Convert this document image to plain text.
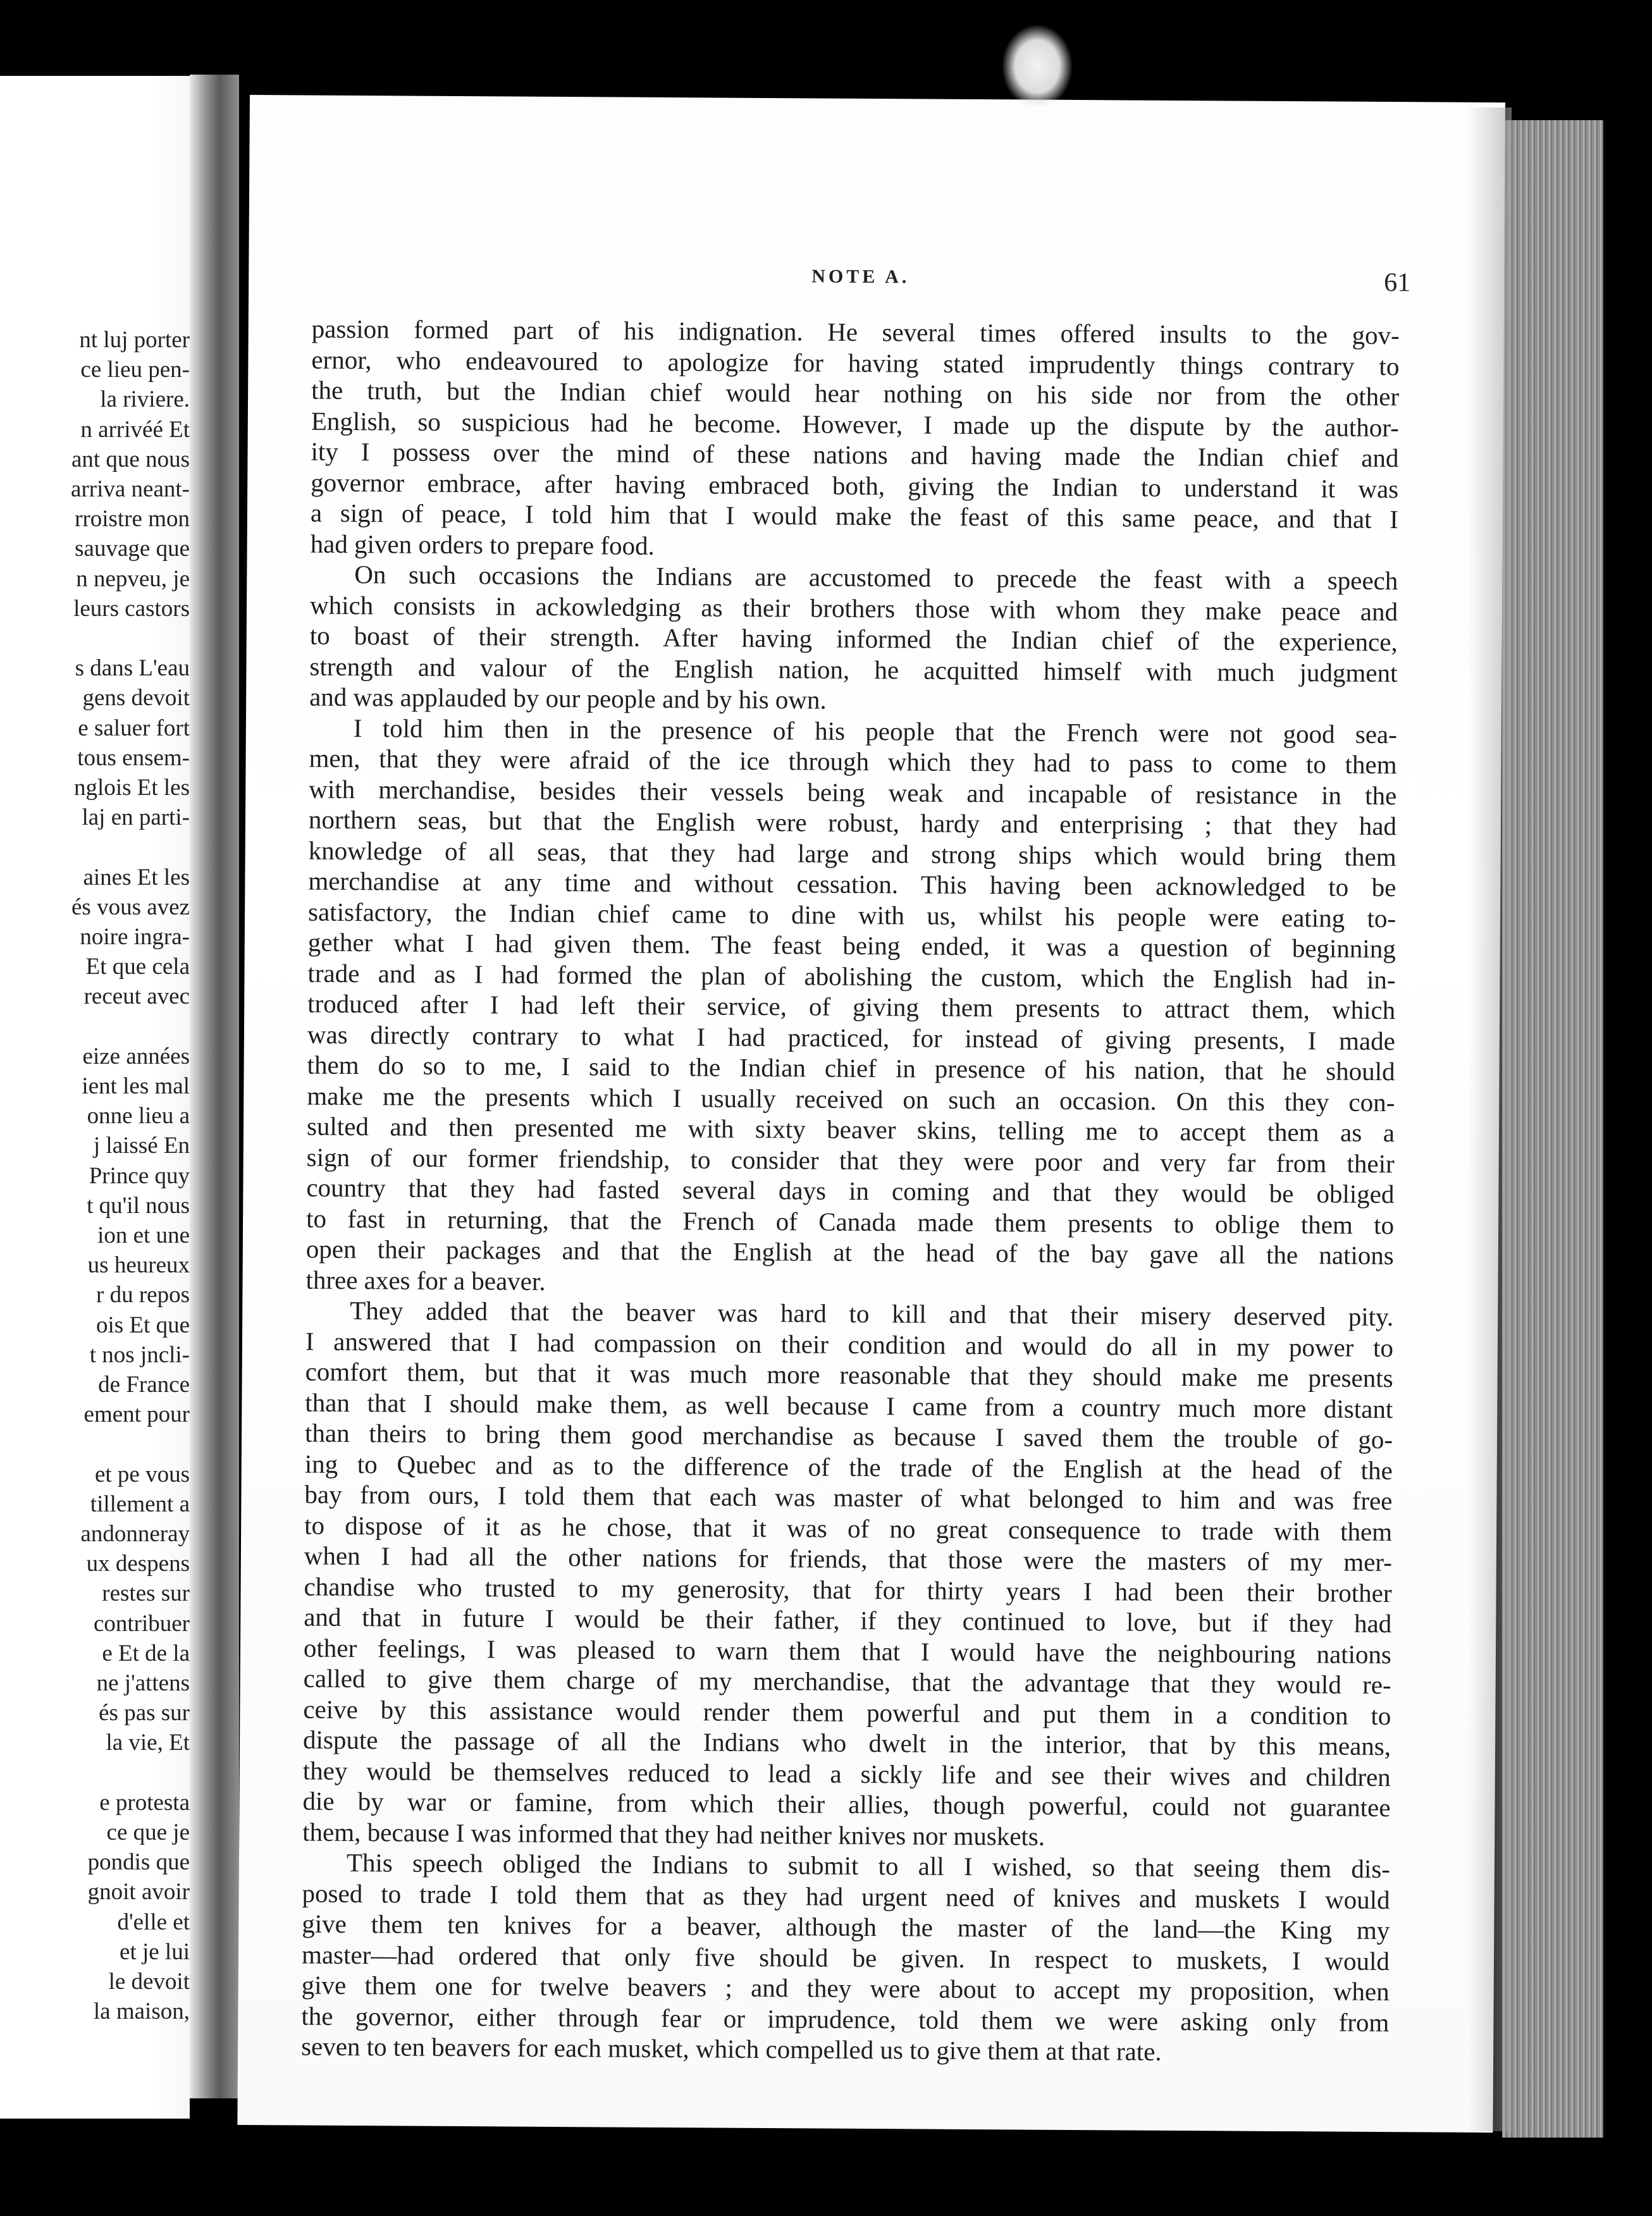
nt luj porter
ce lieu pen-
la riviere.
n arrivéé Et
ant que nous
arriva neant-
rroistre mon
sauvage que
n nepveu, je
leurs castors
s dans L'eau
gens devoit
e saluer fort
tous ensem-
nglois Et les
laj en parti-
aines Et les
és vous avez
noire ingra-
Et que cela
receut avec
eize années
ient les mal
onne lieu a
j laissé En
Prince quy
t qu'il nous
ion et une
us heureux
r du repos
ois Et que
t nos jncli-
de France
ement pour
et pe vous
tillement a
andonneray
ux despens
restes sur
contribuer
e Et de la
ne j'attens
és pas sur
la vie, Et
e protesta
ce que je
pondis que
gnoit avoir
d'elle et
et je lui
le devoit
la maison,
NOTE A.	61
passion formed part of his indignation. He several times offered insults to the gov-
ernor, who endeavoured to apologize for having stated imprudently things contrary to
the truth, but the Indian chief would hear nothing on his side nor from the other
English, so suspicious had he become. However, I made up the dispute by the author-
ity I possess over the mind of these nations and having made the Indian chief and
governor embrace, after having embraced both, giving the Indian to understand it was
a sign of peace, I told him that I would make the feast of this same peace, and that I
had given orders to prepare food.
On such occasions the Indians are accustomed to precede the feast with a speech
which consists in ackowledging as their brothers those with whom they make peace and
to boast of their strength. After having informed the Indian chief of the experience,
strength and valour of the English nation, he acquitted himself with much judgment
and was applauded by our people and by his own.
I told him then in the presence of his people that the French were not good sea-
men, that they were afraid of the ice through which they had to pass to come to them
with merchandise, besides their vessels being weak and incapable of resistance in the
northern seas, but that the English were robust, hardy and enterprising ; that they had
knowledge of all seas, that they had large and strong ships which would bring them
merchandise at any time and without cessation. This having been acknowledged to be
satisfactory, the Indian chief came to dine with us, whilst his people were eating to-
gether what I had given them. The feast being ended, it was a question of beginning
trade and as I had formed the plan of abolishing the custom, which the English had in-
troduced after I had left their service, of giving them presents to attract them, which
was directly contrary to what I had practiced, for instead of giving presents, I made
them do so to me, I said to the Indian chief in presence of his nation, that he should
make me the presents which I usually received on such an occasion. On this they con-
sulted and then presented me with sixty beaver skins, telling me to accept them as a
sign of our former friendship, to consider that they were poor and very far from their
country that they had fasted several days in coming and that they would be obliged
to fast in returning, that the French of Canada made them presents to oblige them to
open their packages and that the English at the head of the bay gave all the nations
three axes for a beaver.
They added that the beaver was hard to kill and that their misery deserved pity.
I answered that I had compassion on their condition and would do all in my power to
comfort them, but that it was much more reasonable that they should make me presents
than that I should make them, as well because I came from a country much more distant
than theirs to bring them good merchandise as because I saved them the trouble of go-
ing to Quebec and as to the difference of the trade of the English at the head of the
bay from ours, I told them that each was master of what belonged to him and was free
to dispose of it as he chose, that it was of no great consequence to trade with them
when I had all the other nations for friends, that those were the masters of my mer-
chandise who trusted to my generosity, that for thirty years I had been their brother
and that in future I would be their father, if they continued to love, but if they had
other feelings, I was pleased to warn them that I would have the neighbouring nations
called to give them charge of my merchandise, that the advantage that they would re-
ceive by this assistance would render them powerful and put them in a condition to
dispute the passage of all the Indians who dwelt in the interior, that by this means,
they would be themselves reduced to lead a sickly life and see their wives and children
die by war or famine, from which their allies, though powerful, could not guarantee
them, because I was informed that they had neither knives nor muskets.
This speech obliged the Indians to submit to all I wished, so that seeing them dis-
posed to trade I told them that as they had urgent need of knives and muskets I would
give them ten knives for a beaver, although the master of the land—the King my
master—had ordered that only five should be given. In respect to muskets, I would
give them one for twelve beavers ; and they were about to accept my proposition, when
the governor, either through fear or imprudence, told them we were asking only from
seven to ten beavers for each musket, which compelled us to give them at that rate.
